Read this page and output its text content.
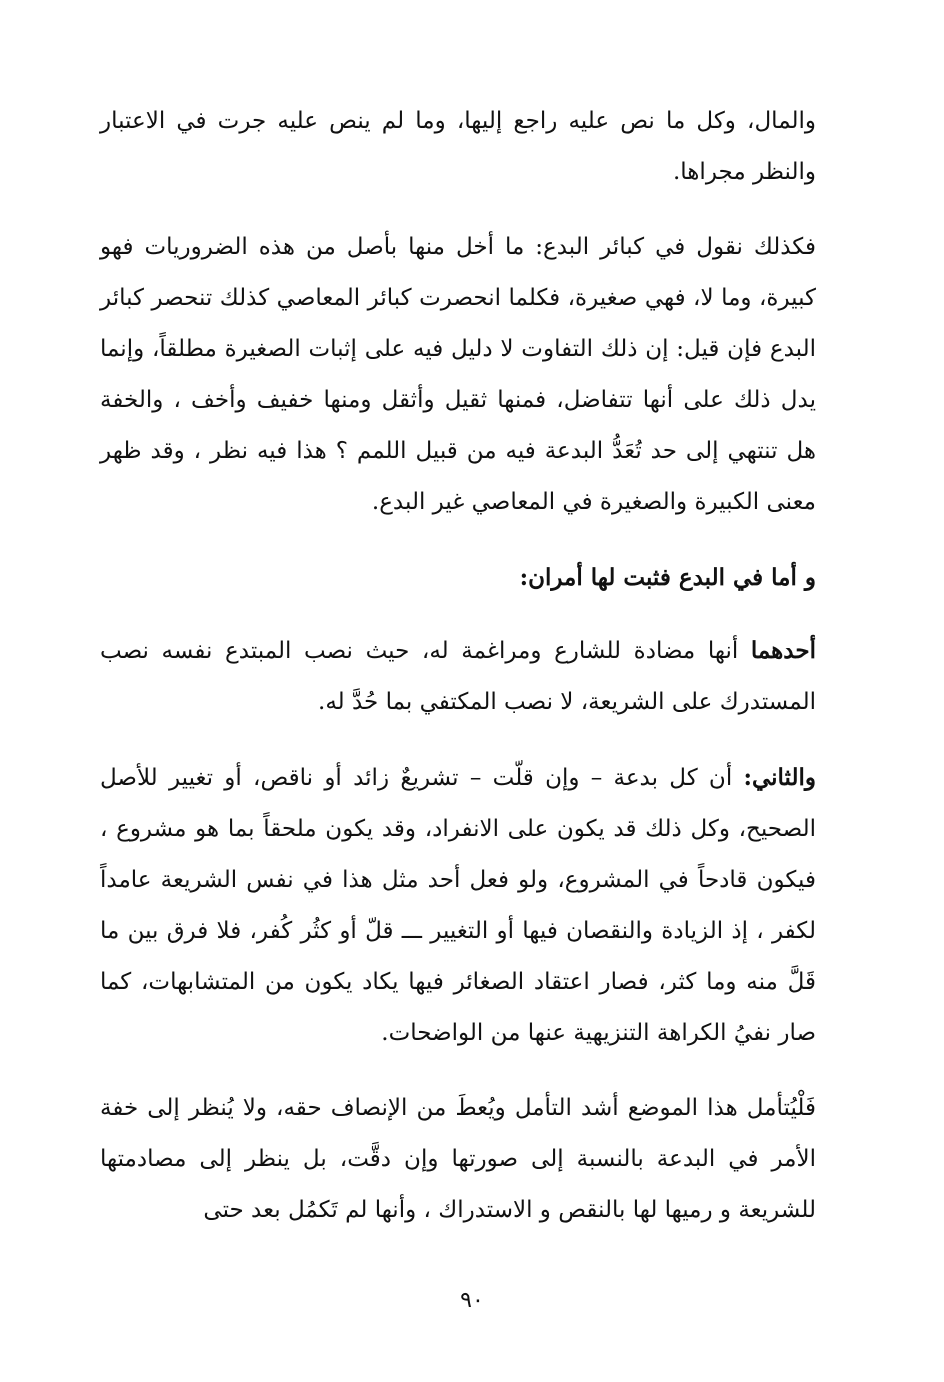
والمال، وكل ما نص عليه راجع إليها، وما لم ينص عليه جرت في الاعتبار والنظر مجراها.

فكذلك نقول في كبائر البدع: ما أخل منها بأصل من هذه الضروريات فهو كبيرة، وما لا، فهي صغيرة، فكلما انحصرت كبائر المعاصي كذلك تنحصر كبائر البدع فإن قيل: إن ذلك التفاوت لا دليل فيه على إثبات الصغيرة مطلقاً، وإنما يدل ذلك على أنها تتفاضل، فمنها ثقيل وأثقل ومنها خفيف وأخف ، والخفة هل تنتهي إلى حد تُعَدُّ البدعة فيه من قبيل اللمم ؟ هذا فيه نظر ، وقد ظهر معنى الكبيرة والصغيرة في المعاصي غير البدع.

و أما في البدع فثبت لها أمران:

أحدهما أنها مضادة للشارع ومراغمة له، حيث نصب المبتدع نفسه نصب المستدرك على الشريعة، لا نصب المكتفي بما حُدَّ له.

والثاني: أن كل بدعة – وإن قلّت – تشريعٌ زائد أو ناقص، أو تغيير للأصل الصحيح، وكل ذلك قد يكون على الانفراد، وقد يكون ملحقاً بما هو مشروع ، فيكون قادحاً في المشروع، ولو فعل أحد مثل هذا في نفس الشريعة عامداً لكفر ، إذ الزيادة والنقصان فيها أو التغيير ـــ قلّ أو كثُر كُفر، فلا فرق بين ما قَلَّ منه وما كثر، فصار اعتقاد الصغائر فيها يكاد يكون من المتشابهات، كما صار نفيُ الكراهة التنزيهية عنها من الواضحات.

فَلْيُتأمل هذا الموضع أشد التأمل ويُعطَ من الإنصاف حقه، ولا يُنظر إلى خفة الأمر في البدعة بالنسبة إلى صورتها وإن دقَّت، بل ينظر إلى مصادمتها للشريعة و رميها لها بالنقص و الاستدراك ، وأنها لم تَكمُل بعد حتى

٩٠
